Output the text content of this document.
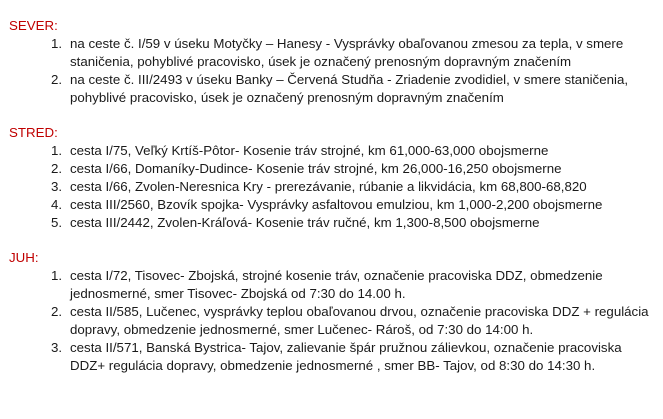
SEVER:
1. na ceste č. I/59 v úseku Motyčky – Hanesy - Vysprávky obaľovanou zmesou za tepla, v smere staničenia, pohyblivé pracovisko, úsek je označený prenosným dopravným značením
2. na ceste č. III/2493 v úseku Banky – Červená Studňa - Zriadenie zvodidiel, v smere staničenia, pohyblivé pracovisko, úsek je označený prenosným dopravným značením
STRED:
1. cesta I/75, Veľký Krtíš-Pôtor- Kosenie tráv strojné, km 61,000-63,000 obojsmerne
2. cesta I/66, Domaníky-Dudince- Kosenie tráv strojné, km 26,000-16,250 obojsmerne
3. cesta I/66, Zvolen-Neresnica Kry - prerezávanie, rúbanie a likvidácia, km 68,800-68,820
4. cesta III/2560, Bzovík spojka- Vysprávky asfaltovou emulziou, km 1,000-2,200 obojsmerne
5. cesta III/2442, Zvolen-Kráľová- Kosenie tráv ručné, km 1,300-8,500 obojsmerne
JUH:
1. cesta I/72, Tisovec- Zbojská, strojné kosenie tráv, označenie pracoviska DDZ, obmedzenie jednosmerné, smer Tisovec- Zbojská od 7:30 do 14.00 h.
2. cesta II/585, Lučenec, vysprávky teplou obaľovanou drvou, označenie pracoviska DDZ + regulácia dopravy, obmedzenie jednosmerné, smer Lučenec- Rároš, od 7:30 do 14:00 h.
3. cesta II/571, Banská Bystrica- Tajov, zalievanie špár pružnou zálievkou, označenie pracoviska DDZ+ regulácia dopravy, obmedzenie jednosmerné , smer BB- Tajov, od 8:30 do 14:30 h.
